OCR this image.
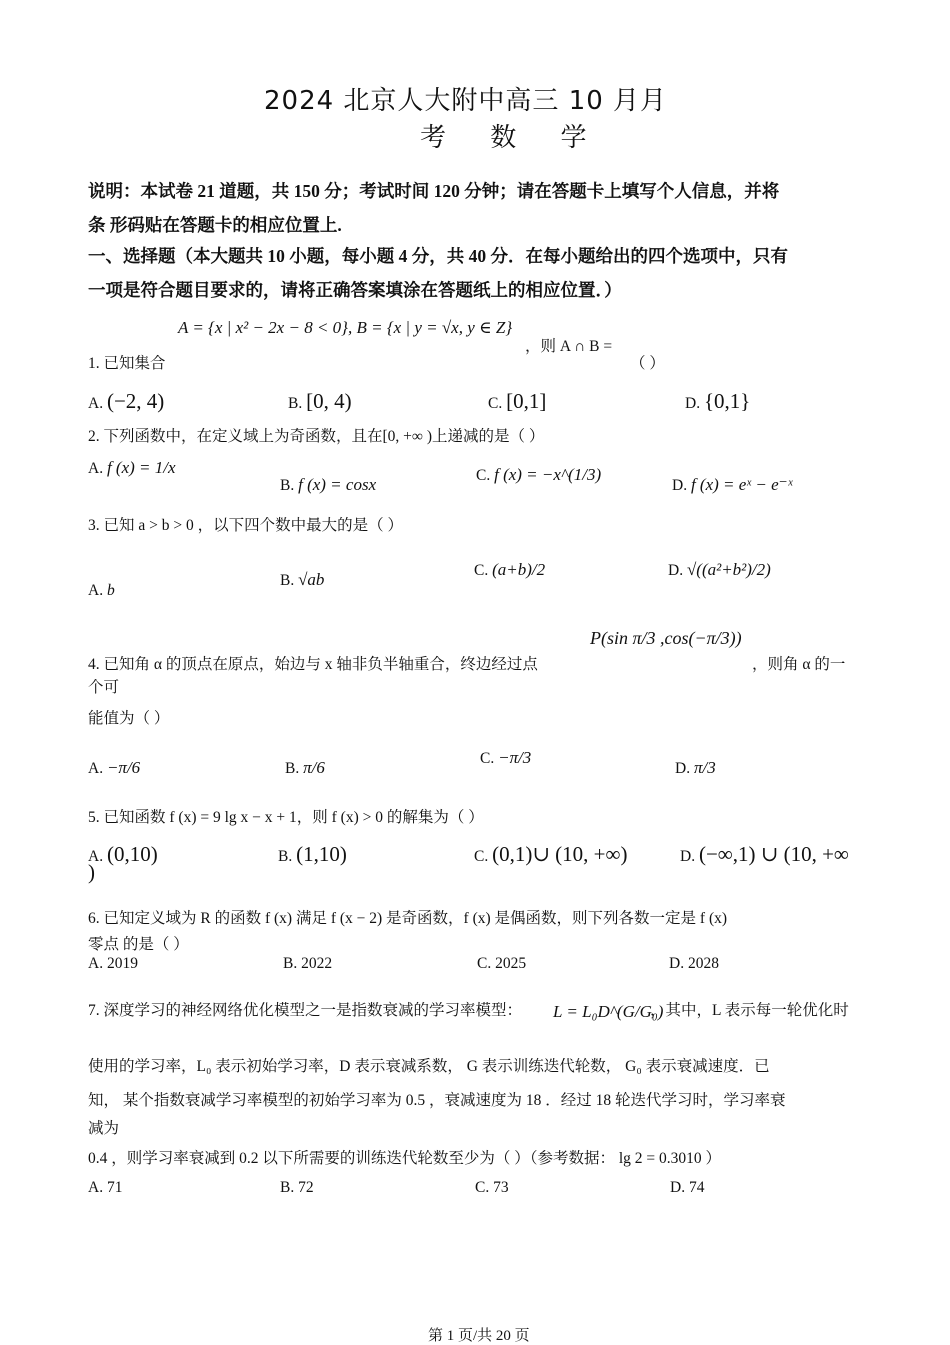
2024 北京人大附中高三 10 月月
考 数 学
说明：本试卷 21 道题，共 150 分；考试时间 120 分钟；请在答题卡上填写个人信息，并将
条 形码贴在答题卡的相应位置上.
一、选择题（本大题共 10 小题，每小题 4 分，共 40 分．在每小题给出的四个选项中，只有
一项是符合题目要求的，请将正确答案填涂在答题纸上的相应位置．）
A = {x | x² − 2x − 8 < 0}, B = {x | y = √x, y ∈ Z}
，则 A ∩ B =
1. 已知集合	（ ）
A. (−2, 4)	B. [0, 4)	C. [0,1]	D. {0,1}
2. 下列函数中，在定义域上为奇函数，且在[0, +∞ )上递减的是（ ）
A. f (x) = 1/x
B. f (x) = cosx	C. f (x) = −x^(1/3)
D. f (x) = eˣ − e⁻ˣ
3. 已知 a > b > 0 ，以下四个数中最大的是（ ）
A. b
B. √ab	C. (a+b)/2	D. √((a²+b²)/2)
4. 已知角 α 的顶点在原点，始边与 x 轴非负半轴重合，终边经过点
P(sin π/3 ,cos(−π/3))
，则角 α 的一
个可
能值为（ ）
A. −π/6	B. π/6	C. −π/3
D. π/3
5. 已知函数 f (x) = 9 lg x − x + 1，则 f (x) > 0 的解集为（ ）
A. (0,10)	B. (1,10)	C. (0,1)∪ (10, +∞)	D. (−∞,1) ∪ (10, +∞
)
6. 已知定义域为 R 的函数 f (x) 满足 f (x − 2) 是奇函数，f (x) 是偶函数，则下列各数一定是 f (x)
零点 的是（ ）
A. 2019	B. 2022	C. 2025	D. 2028
7. 深度学习的神经网络优化模型之一是指数衰减的学习率模型： L = L₀D^(G/G₀)
，其中，L 表示每一轮优化时
使用的学习率，L₀ 表示初始学习率，D 表示衰减系数， G 表示训练迭代轮数， G₀ 表示衰减速度．已
知， 某个指数衰减学习率模型的初始学习率为 0.5 ，衰减速度为 18 ．经过 18 轮迭代学习时，学习率衰
减为
0.4 ，则学习率衰减到 0.2 以下所需要的训练迭代轮数至少为（ ）（参考数据： lg 2 = 0.3010 ）
A. 71	B. 72	C. 73	D. 74
第 1 页/共 20 页
